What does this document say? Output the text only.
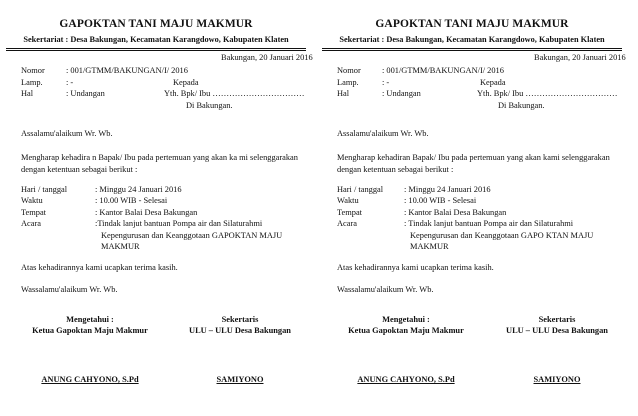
GAPOKTAN TANI MAJU MAKMUR
Sekertariat : Desa Bakungan, Kecamatan Karangdowo, Kabupaten Klaten
Bakungan, 20 Januari 2016
Nomor	: 001/GTMM/BAKUNGAN/I/ 2016
Lamp.	: -	Kepada
Hal	: Undangan	Yth. Bpk/ Ibu ……………………………
Di Bakungan.
Assalamu'alaikum Wr. Wb.
Mengharap kehadira n Bapak/ Ibu pada pertemuan yang akan ka mi selenggarakan
dengan ketentuan sebagai berikut :
Hari / tanggal	: Minggu 24 Januari 2016
Waktu	: 10.00 WIB - Selesai
Tempat	: Kantor Balai Desa Bakungan
Acara	:Tindak lanjut bantuan Pompa air dan Silaturahmi
Kepengurusan dan Keanggotaan GAPOKTAN MAJU
MAKMUR
Atas kehadirannya kami ucapkan terima kasih.
Wassalamu'alaikum Wr. Wb.
Mengetahui :
Ketua Gapoktan Maju Makmur
Sekertaris
ULU – ULU Desa Bakungan
ANUNG CAHYONO, S.Pd	SAMIYONO
GAPOKTAN TANI MAJU MAKMUR
Sekertariat : Desa Bakungan, Kecamatan Karangdowo, Kabupaten Klaten
Bakungan, 20 Januari 2016
Nomor	: 001/GTMM/BAKUNGAN/I/ 2016
Lamp.	: -	Kepada
Hal	: Undangan	Yth. Bpk/ Ibu ……………………………
Di Bakungan.
Assalamu'alaikum Wr. Wb.
Mengharap kehadiran Bapak/ Ibu pada pertemuan yang akan kami selenggarakan
dengan ketentuan sebagai berikut :
Hari / tanggal : Minggu 24 Januari 2016
Waktu	: 10.00 WIB - Selesai
Tempat	: Kantor Balai Desa Bakungan
Acara	: Tindak lanjut bantuan Pompa air dan Silaturahmi
Kepengurusan dan Keanggotaan GAPO KTAN MAJU
MAKMUR
Atas kehadirannya kami ucapkan terima kasih.
Wassalamu'alaikum Wr. Wb.
Mengetahui :
Ketua Gapoktan Maju Makmur
Sekertaris
ULU – ULU Desa Bakungan
ANUNG CAHYONO, S.Pd	SAMIYONO
